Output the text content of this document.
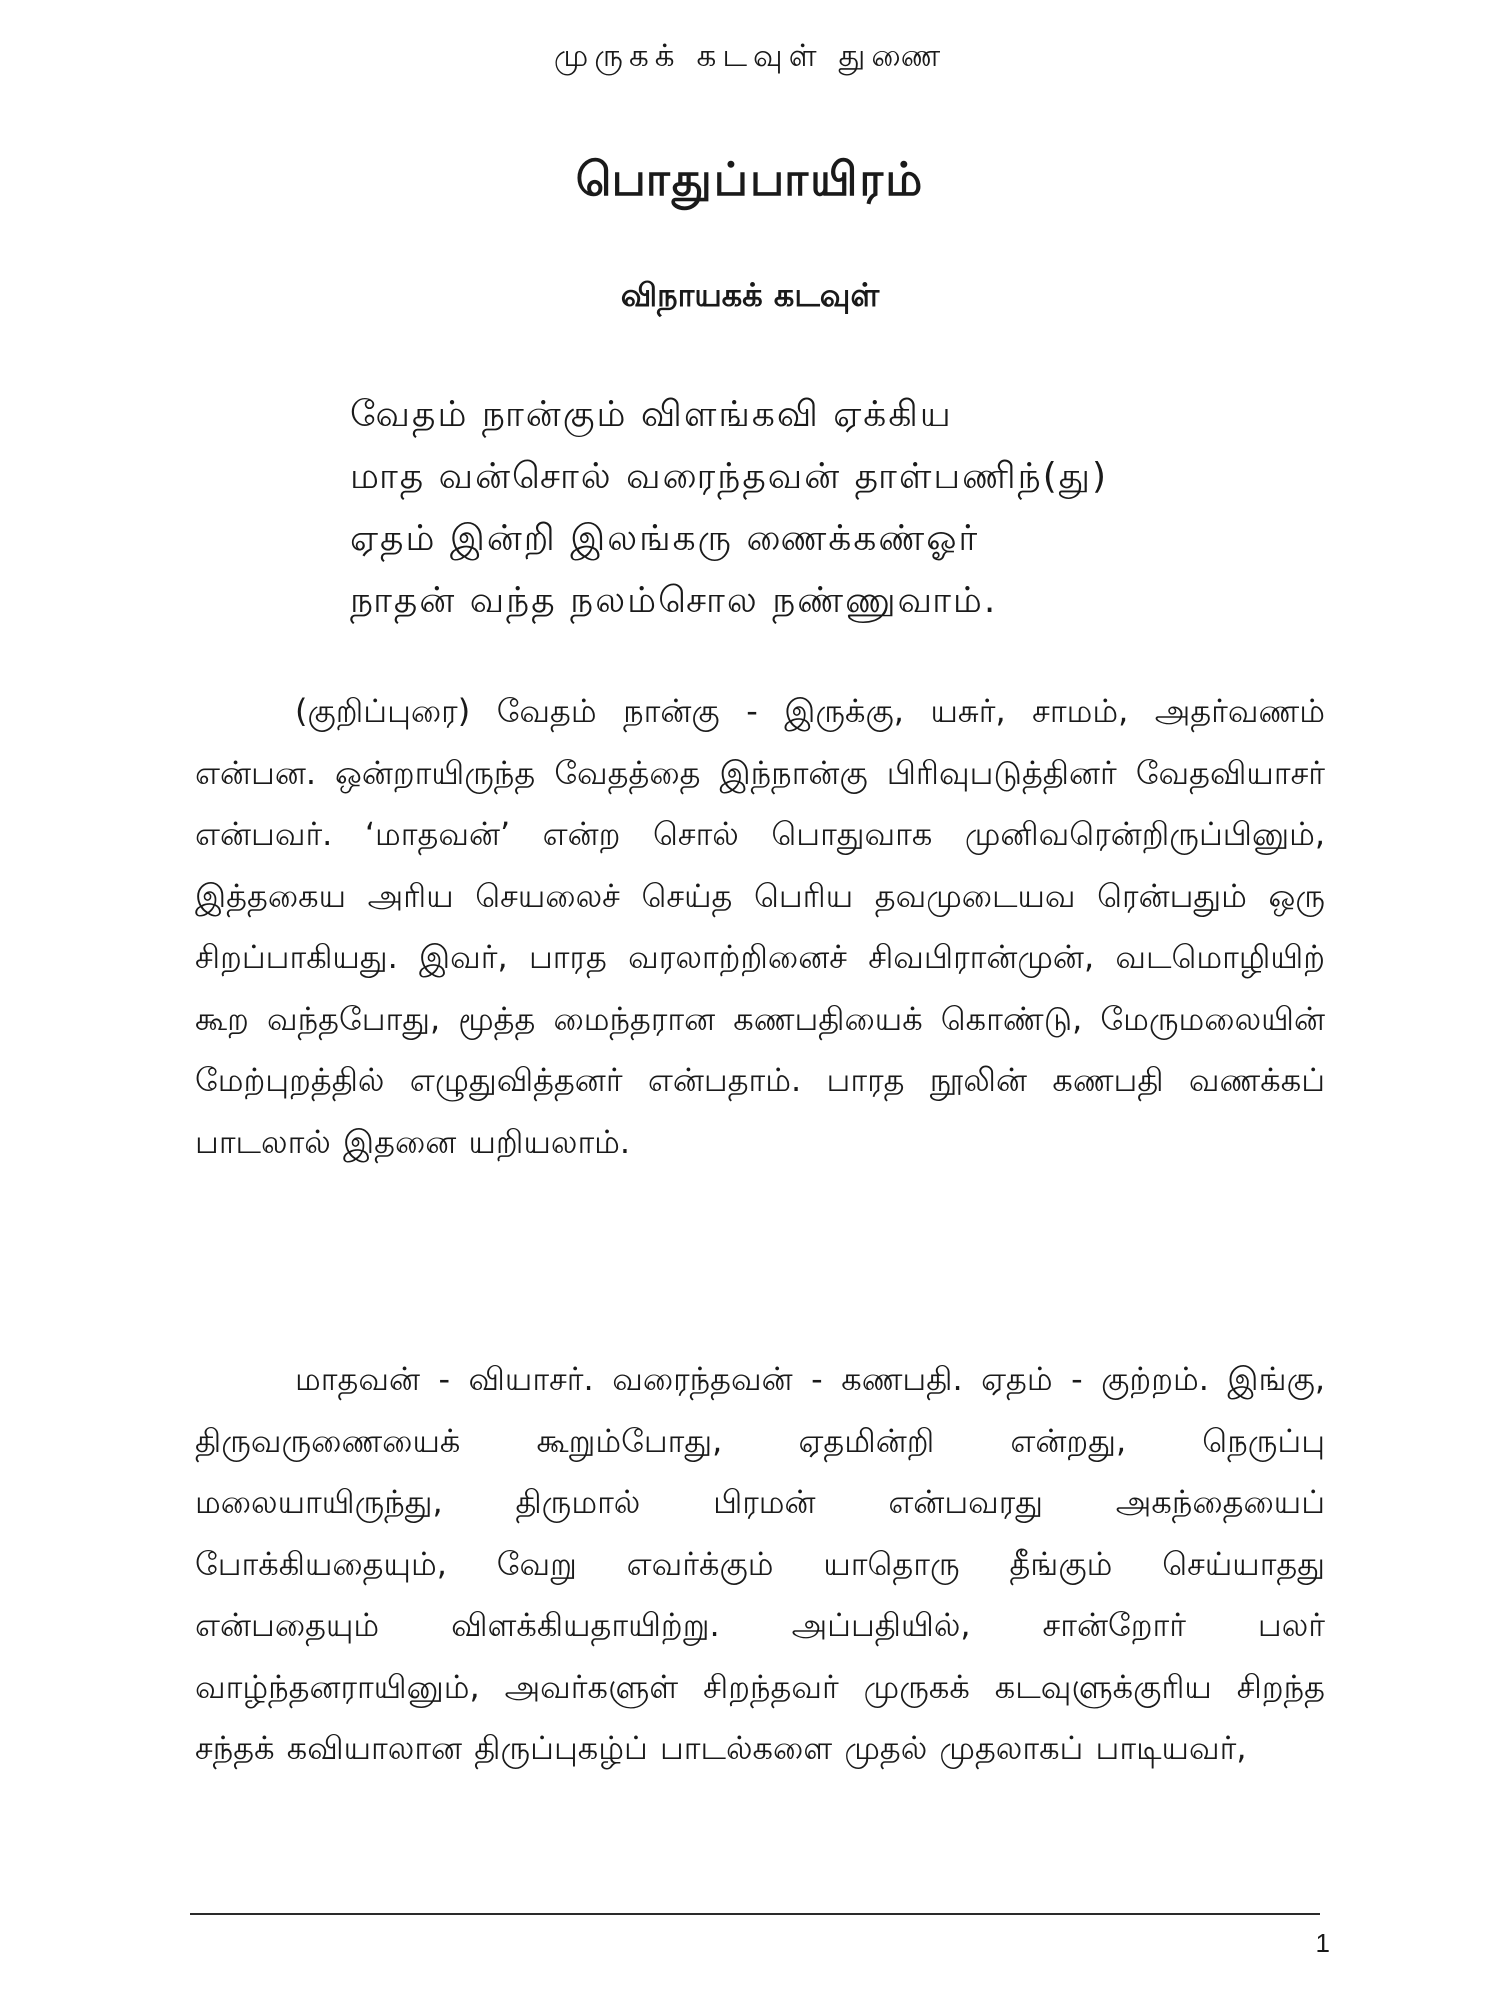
முருகக் கடவுள் துணை
பொதுப்பாயிரம்
விநாயகக் கடவுள்
வேதம் நான்கும் விளங்கவி ஏக்கிய
மாத வன்சொல் வரைந்தவன் தாள்பணிந்(து)
ஏதம் இன்றி இலங்கரு ணைக்கண்ஓர்
நாதன் வந்த நலம்சொல நண்ணுவாம்.
(குறிப்புரை) வேதம் நான்கு - இருக்கு, யசுர், சாமம், அதர்வணம் என்பன. ஒன்றாயிருந்த வேதத்தை இந்நான்கு பிரிவுபடுத்தினர் வேதவியாசர் என்பவர். ‘மாதவன்’ என்ற சொல் பொதுவாக முனிவரென்றிருப்பினும், இத்தகைய அரிய செயலைச் செய்த பெரிய தவமுடையவ ரென்பதும் ஒரு சிறப்பாகியது. இவர், பாரத வரலாற்றினைச் சிவபிரான்முன், வடமொழியிற் கூற வந்தபோது, மூத்த மைந்தரான கணபதியைக் கொண்டு, மேருமலையின் மேற்புறத்தில் எழுதுவித்தனர் என்பதாம். பாரத நூலின் கணபதி வணக்கப் பாடலால் இதனை யறியலாம்.
மாதவன் - வியாசர். வரைந்தவன் - கணபதி. ஏதம் - குற்றம். இங்கு, திருவருணையைக் கூறும்போது, ஏதமின்றி என்றது, நெருப்பு மலையாயிருந்து, திருமால் பிரமன் என்பவரது அகந்தையைப் போக்கியதையும், வேறு எவர்க்கும் யாதொரு தீங்கும் செய்யாதது என்பதையும் விளக்கியதாயிற்று. அப்பதியில், சான்றோர் பலர் வாழ்ந்தனராயினும், அவர்களுள் சிறந்தவர் முருகக் கடவுளுக்குரிய சிறந்த சந்தக் கவியாலான திருப்புகழ்ப் பாடல்களை முதல் முதலாகப் பாடியவர்,
1
